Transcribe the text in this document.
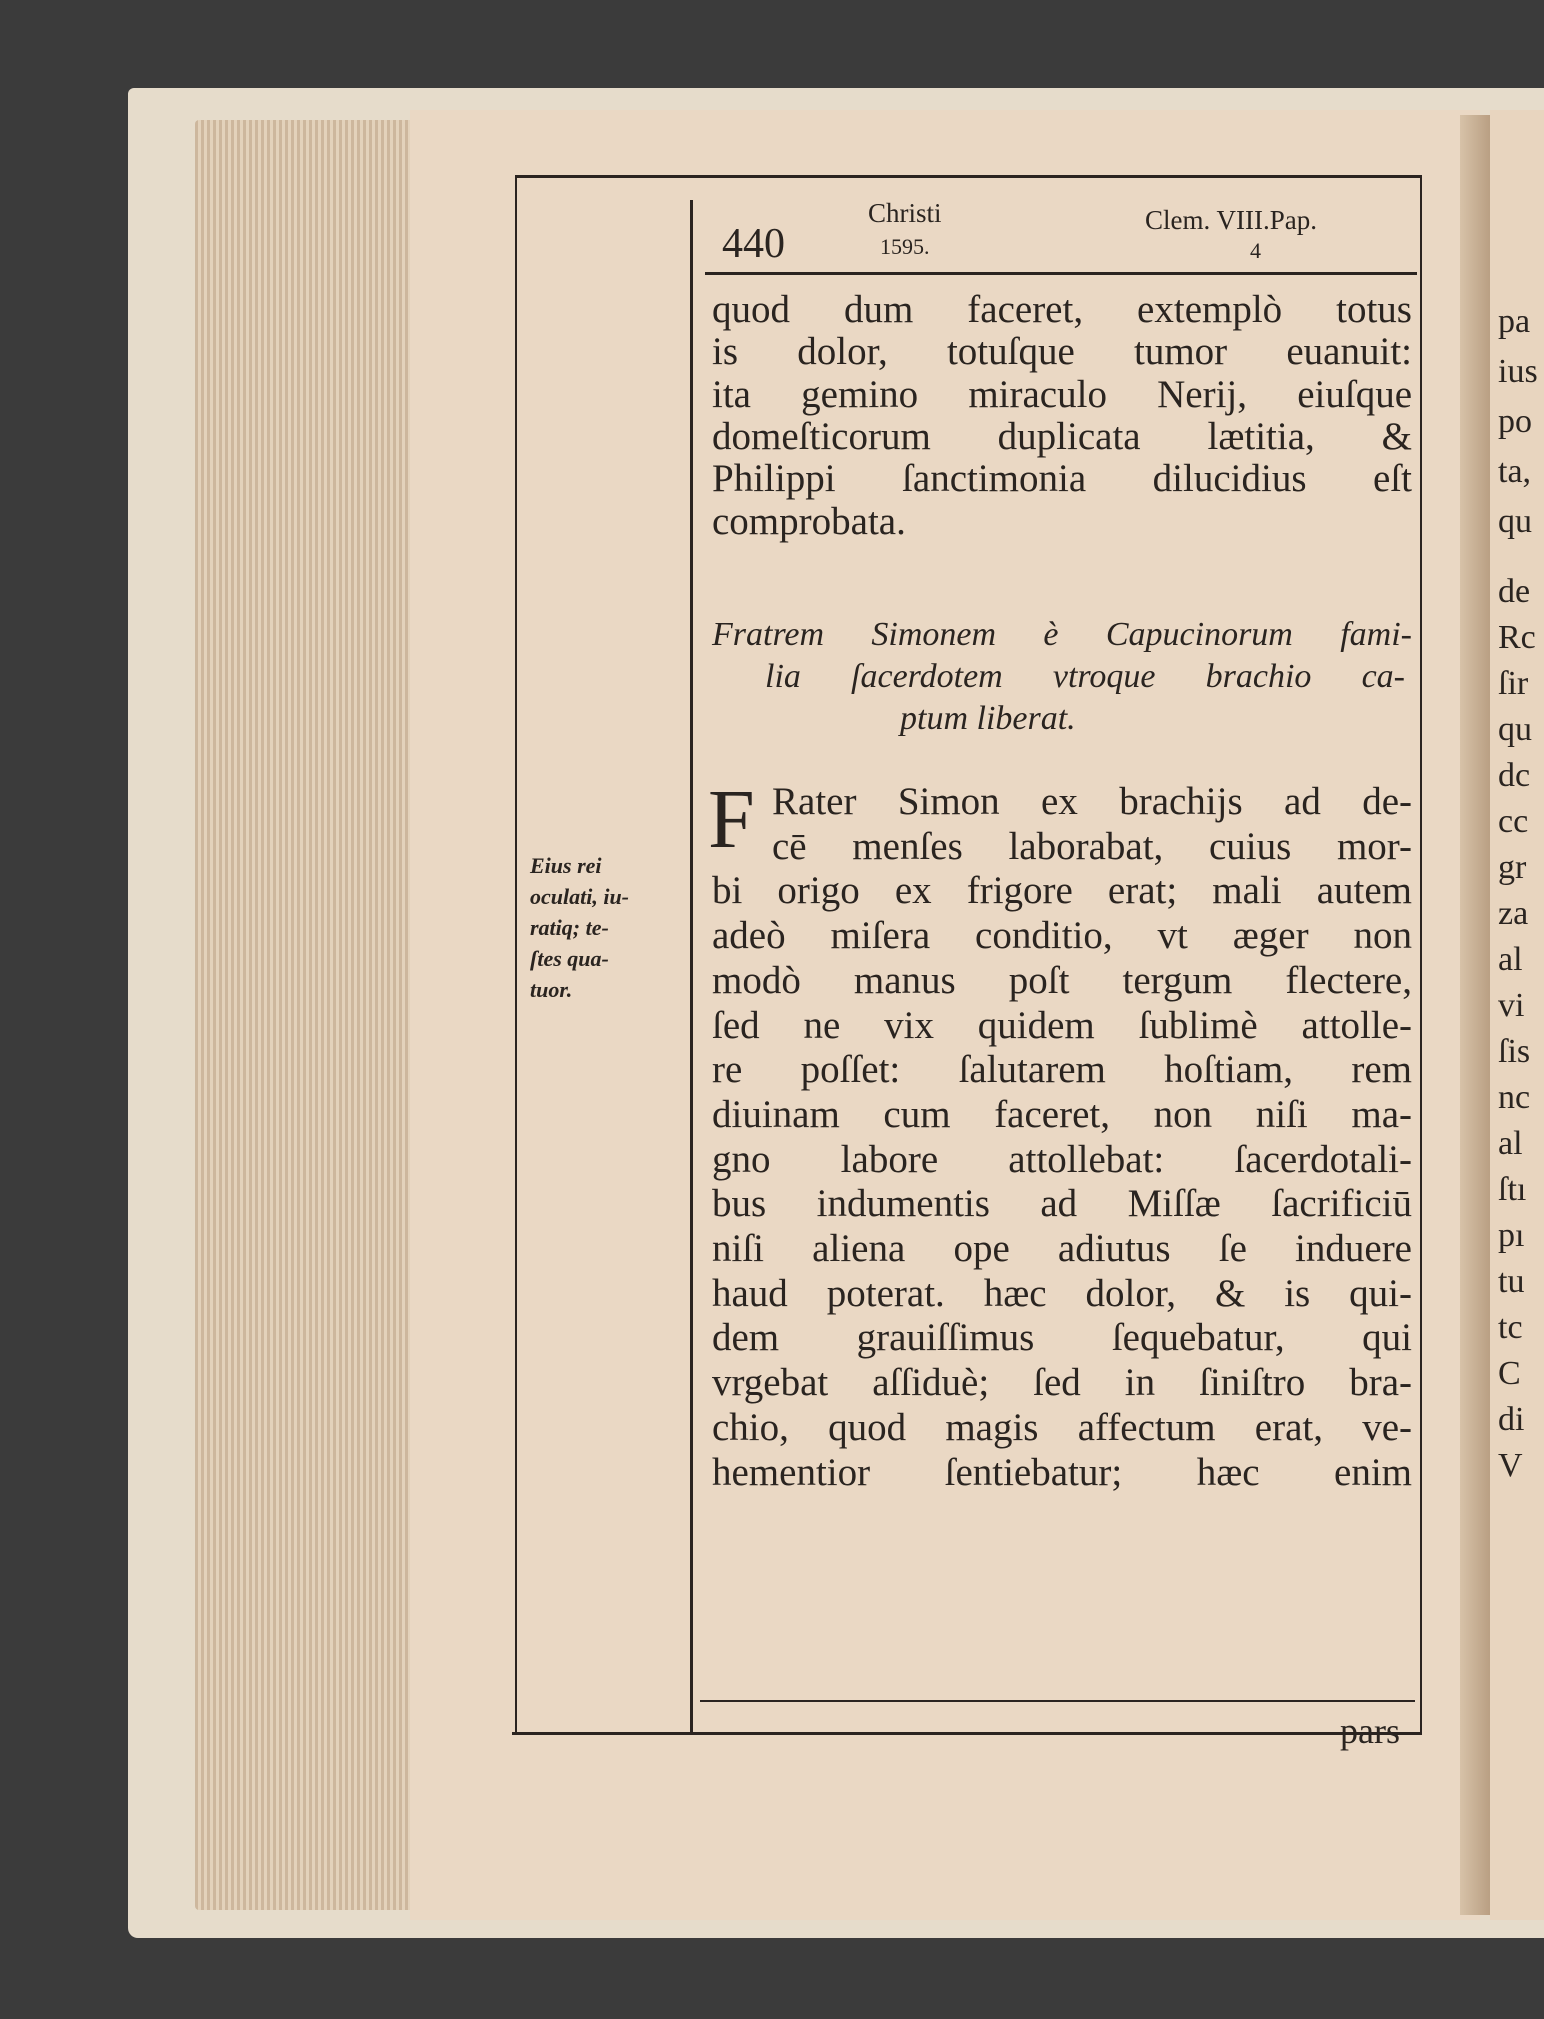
440
Christi
1595.
Clem. VIII.Pap.
4
quod dum faceret, extemplò totus
is dolor, totuſque tumor euanuit:
ita gemino miraculo Nerij, eiuſque
domeſticorum duplicata lætitia, &
Philippi ſanctimonia dilucidius eſt
comprobata.
Fratrem Simonem è Capucinorum fami-
lia ſacerdotem vtroque brachio ca-
ptum liberat.
F Rater Simon ex brachijs ad de-
cē menſes laborabat, cuius mor-
bi origo ex frigore erat; mali autem
adeò miſera conditio, vt æger non
modò manus poſt tergum flectere,
ſed ne vix quidem ſublimè attolle-
re poſſet: ſalutarem hoſtiam, rem
diuinam cum faceret, non niſi ma-
gno labore attollebat: ſacerdotali-
bus indumentis ad Miſſæ ſacrificiū
niſi aliena ope adiutus ſe induere
haud poterat. hæc dolor, & is qui-
dem grauiſſimus ſequebatur, qui
vrgebat aſſiduè; ſed in ſiniſtro bra-
chio, quod magis affectum erat, ve-
hementior ſentiebatur; hæc enim
Eius rei
oculati, iu-
ratiq; te-
ſtes qua-
tuor.
pa
ius
po
ta,
qu
de
Rc
ſir
qu
dc
cc
gr
za
al
vi
ſis
nc
al
ſtı
pı
tu
tc
C
di
V
pars
